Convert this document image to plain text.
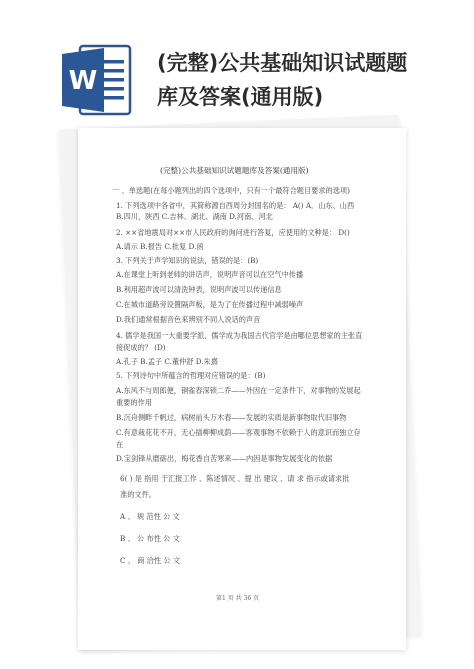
W
(完整)公共基础知识试题题
库及答案(通用版)
(完整)公共基础知识试题题库及答案(通用版)
一 、单选题(在每小题列出的四个选项中，只有一个最符合题目要求的选项)
1. 下列选项中各省中，其简称源自西周分封国名的是： A() A．山东、山西
B.四川，陕西 C.吉林、湖北、湖南 D.河南、河北
2. ××省地震局对××市人民政府的询问进行答复，应使用的文种是： D()
A.请示 B.报告 C.批复 D.函
3. 下列关于声学知识的说法，错误的是：(B)
A.在课堂上听到老师的讲话声，说明声音可以在空气中传播
B.利用超声波可以清洗钟表，说明声波可以传递信息
C.在城市道路旁设置隔声板，是为了在传播过程中减弱噪声
D.我们通常根据音色来辨别不同人说话的声音
4. 儒学是我国一大重要学派，儒学成为我国古代官学是由哪位思想家的主张直
接促成的？ (D)
A.孔子 B.孟子 C.董仲舒 D.朱熹
5. 下列诗句中所蕴含的哲理对应错误的是：(B)
A.东风不与周郎便，铜雀春深锁二乔——外因在一定条件下，对事物的发展起
重要的作用
B.沉舟侧畔千帆过，病树前头万木春——发展的实质是新事物取代旧事物
C.有意栽花花不开，无心插柳柳成荫——客观事物不依赖于人的意识而独立存
在
D.宝剑锋从磨砺出，梅花香自苦寒来——内因是事物发展变化的依据
6( ) 是 指用 于汇报工作 、陈述情况 、提 出 建议 、请 求 指示或请求批
准的文件。
A 、 规 范性 公 文
B 、 公 布性 公 文
C 、 商 洽性 公 文
第1 页 共 36 页
